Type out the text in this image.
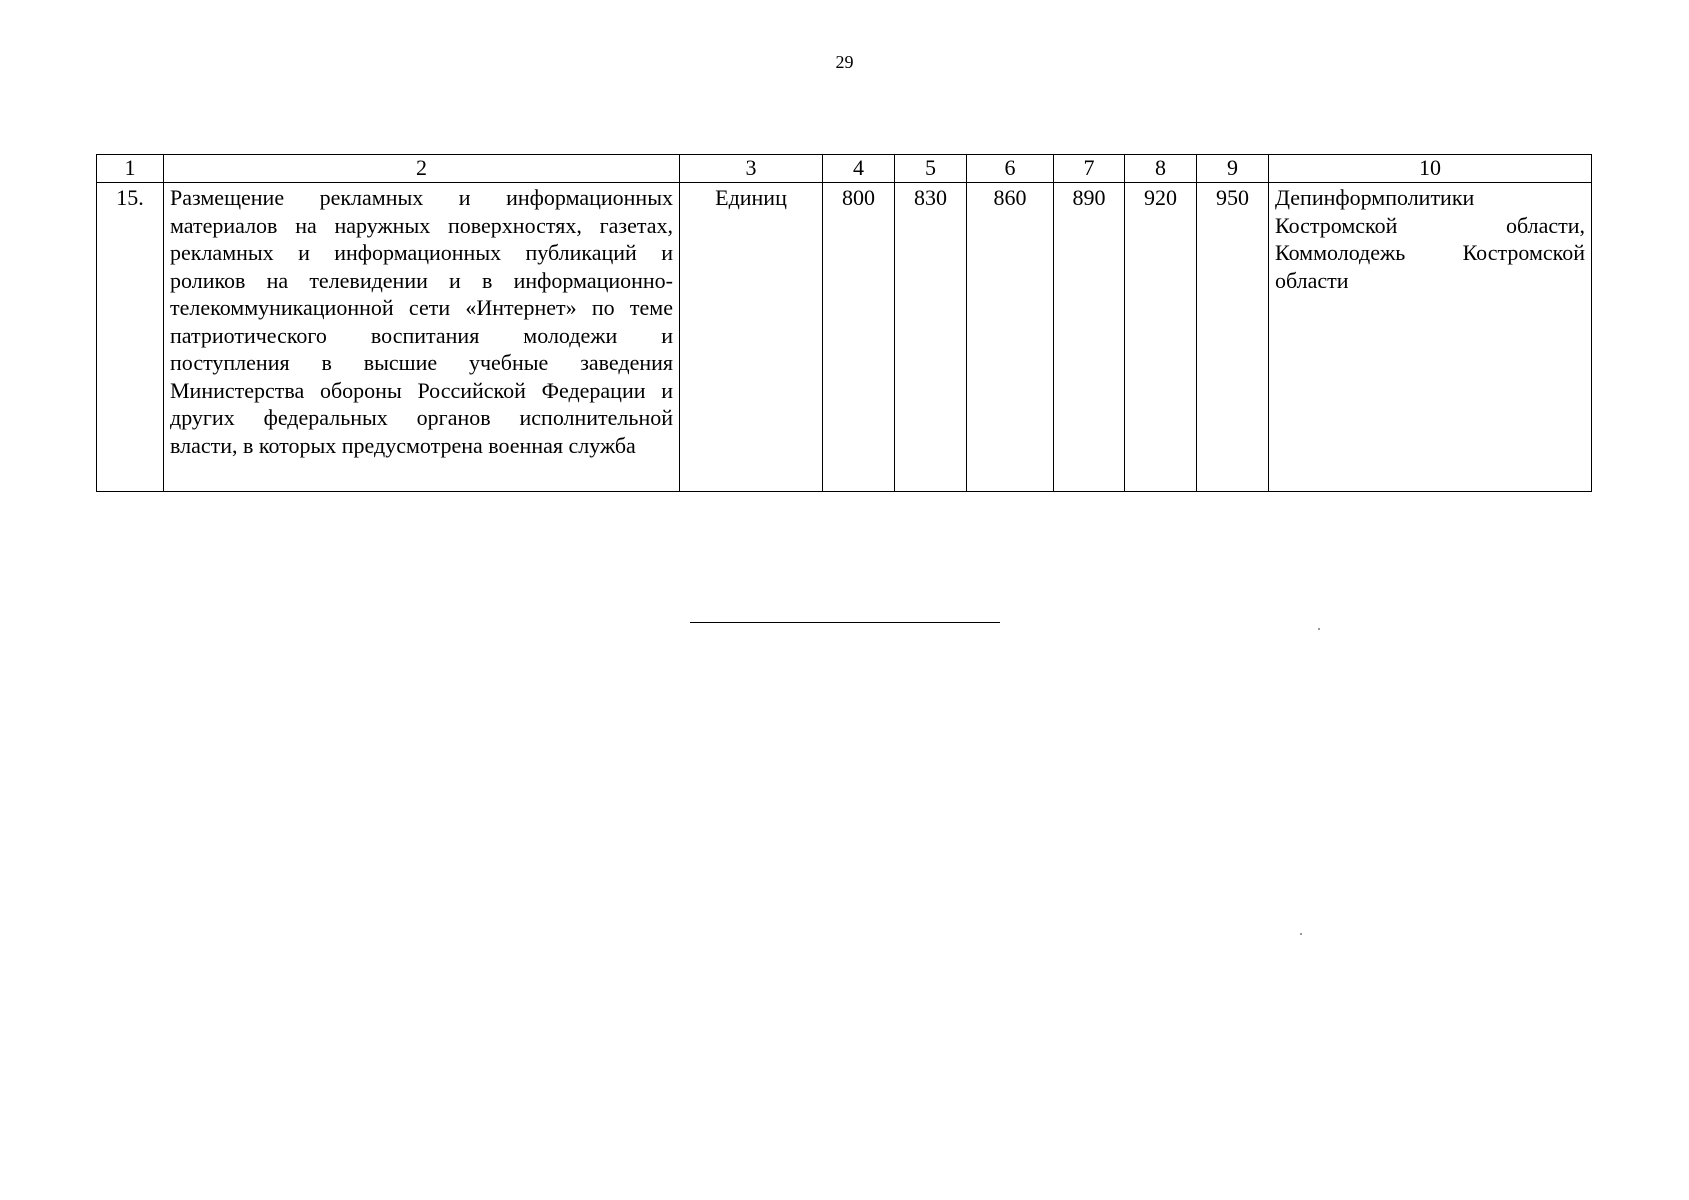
29
1	2	3	4	5	6	7	8	9	10
15.	Размещение рекламных и информационных материалов на наружных поверхностях, газетах, рекламных и информационных публикаций и роликов на телевидении и в информационно-телекоммуникационной сети «Интернет» по теме патриотического воспитания молодежи и поступления в высшие учебные заведения Министерства обороны Российской Федерации и других федеральных органов исполнительной власти, в которых предусмотрена военная служба	Единиц	800	830	860	890	920	950	Депинформполитики Костромской области, Коммолодежь Костромской области
